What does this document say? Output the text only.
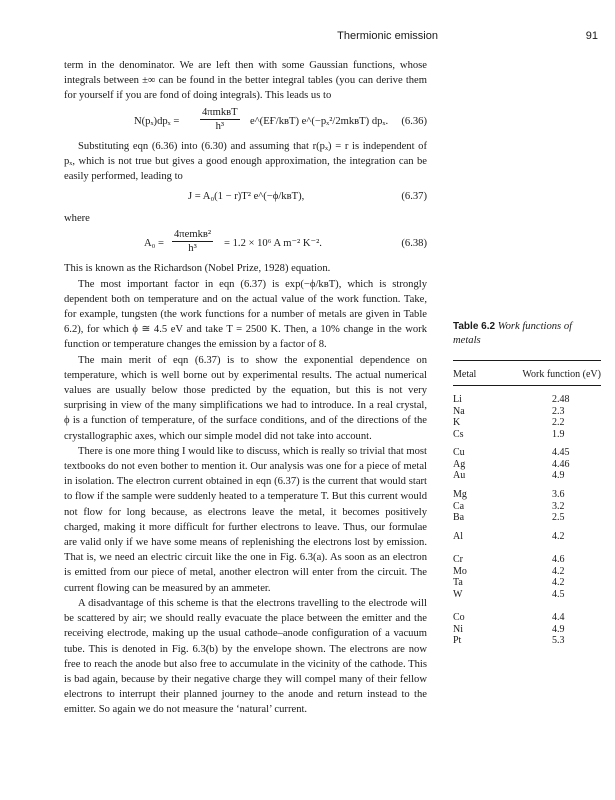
Thermionic emission	91

term in the denominator. We are left then with some Gaussian functions, whose integrals between ±∞ can be found in the better integral tables (you can derive them for yourself if you are fond of doing integrals). This leads us to

N(pₓ)dpₓ =
4πmkʙT
h³	e^(EҒ/kʙT) e^(−pₓ²/2mkʙT) dpₓ. (6.36)

Substituting eqn (6.36) into (6.30) and assuming that r(pₓ) = r is independent of pₓ, which is not true but gives a good enough approximation, the integration can be easily performed, leading to

J = A₀(1 − r)T² e^(−ϕ/kʙT),	(6.37)

where

A₀ =
4πemkʙ²
h³	= 1.2 × 10⁶ A m⁻² K⁻².	(6.38)

This is known as the Richardson (Nobel Prize, 1928) equation.

The most important factor in eqn (6.37) is exp(−ϕ/kʙT), which is strongly dependent both on temperature and on the actual value of the work function. Take, for example, tungsten (the work functions for a number of metals are given in Table 6.2), for which ϕ ≅ 4.5 eV and take T = 2500 K. Then, a 10% change in the work function or temperature changes the emission by a factor of 8.

The main merit of eqn (6.37) is to show the exponential dependence on temperature, which is well borne out by experimental results. The actual numerical values are usually below those predicted by the equation, but this is not very surprising in view of the many simplifications we had to introduce. In a real crystal, ϕ is a function of temperature, of the surface conditions, and of the directions of the crystallographic axes, which our simple model did not take into account.

There is one more thing I would like to discuss, which is really so trivial that most textbooks do not even bother to mention it. Our analysis was one for a piece of metal in isolation. The electron current obtained in eqn (6.37) is the current that would start to flow if the sample were suddenly heated to a temperature T. But this current would not flow for long because, as electrons leave the metal, it becomes positively charged, making it more difficult for further electrons to leave. Thus, our formulae are valid only if we have some means of replenishing the electrons lost by emission. That is, we need an electric circuit like the one in Fig. 6.3(a). As soon as an electron is emitted from our piece of metal, another electron will enter from the circuit. The current flowing can be measured by an ammeter.

A disadvantage of this scheme is that the electrons travelling to the electrode will be scattered by air; we should really evacuate the place between the emitter and the receiving electrode, making up the usual cathode–anode configuration of a vacuum tube. This is denoted in Fig. 6.3(b) by the envelope shown. The electrons are now free to reach the anode but also free to accumulate in the vicinity of the cathode. This is bad again, because by their negative charge they will compel many of their fellow electrons to interrupt their planned journey to the anode and return instead to the emitter. So again we do not measure the ‘natural’ current.

Table 6.2 Work functions of metals
Metal	Work function (eV)
Li	2.48
Na	2.3
K	2.2
Cs	1.9
Cu	4.45
Ag	4.46
Au	4.9
Mg	3.6
Ca	3.2
Ba	2.5
Al	4.2
Cr	4.6
Mo	4.2
Ta	4.2
W	4.5
Co	4.4
Ni	4.9
Pt	5.3
